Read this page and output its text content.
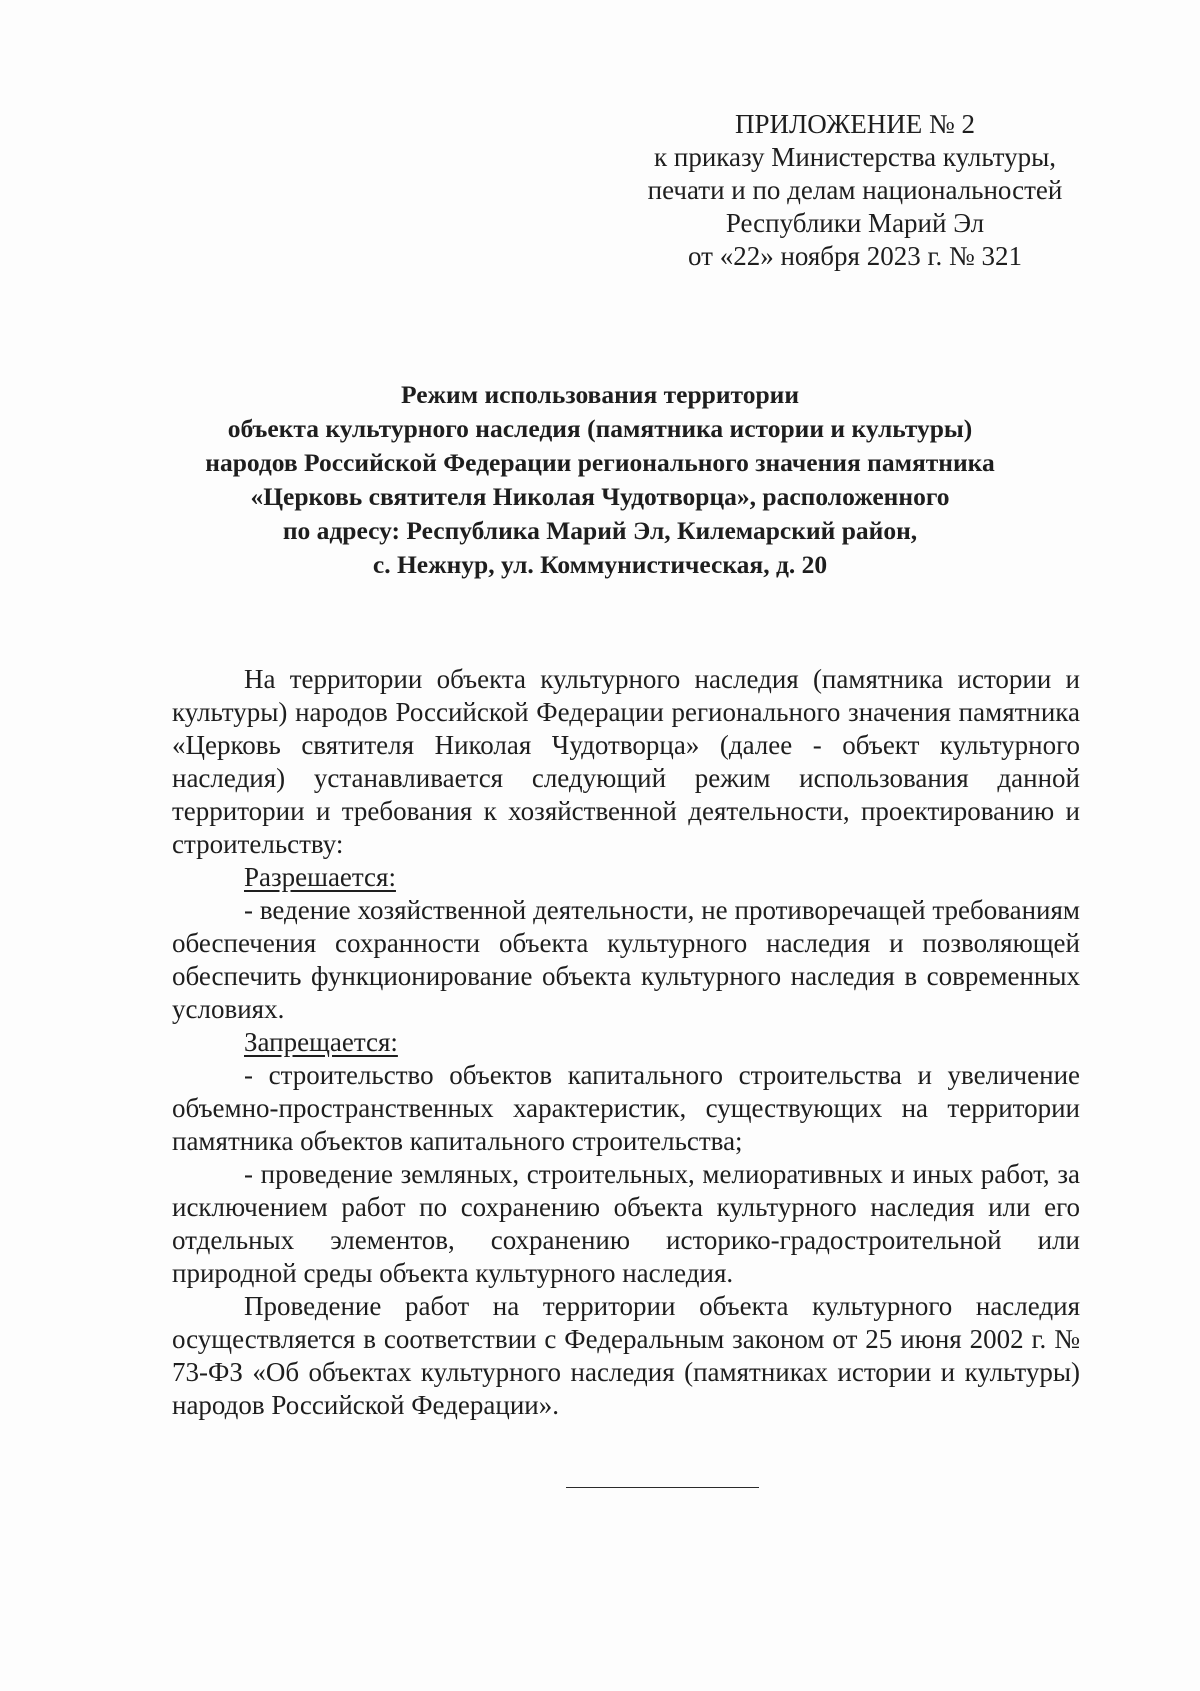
ПРИЛОЖЕНИЕ № 2
к приказу Министерства культуры,
печати и по делам национальностей
Республики Марий Эл
от «22» ноября 2023 г. № 321
Режим использования территории
объекта культурного наследия (памятника истории и культуры)
народов Российской Федерации регионального значения памятника
«Церковь святителя Николая Чудотворца», расположенного
по адресу: Республика Марий Эл, Килемарский район,
с. Нежнур, ул. Коммунистическая, д. 20

На территории объекта культурного наследия (памятника истории и культуры) народов Российской Федерации регионального значения памятника «Церковь святителя Николая Чудотворца» (далее - объект культурного наследия) устанавливается следующий режим использования данной территории и требования к хозяйственной деятельности, проектированию и строительству:

Разрешается:

- ведение хозяйственной деятельности, не противоречащей требованиям обеспечения сохранности объекта культурного наследия и позволяющей обеспечить функционирование объекта культурного наследия в современных условиях.

Запрещается:

- строительство объектов капитального строительства и увеличение объемно-пространственных характеристик, существующих на территории памятника объектов капитального строительства;

- проведение земляных, строительных, мелиоративных и иных работ, за исключением работ по сохранению объекта культурного наследия или его отдельных элементов, сохранению историко-градостроительной или природной среды объекта культурного наследия.

Проведение работ на территории объекта культурного наследия осуществляется в соответствии с Федеральным законом от 25 июня 2002 г. № 73-ФЗ «Об объектах культурного наследия (памятниках истории и культуры) народов Российской Федерации».
